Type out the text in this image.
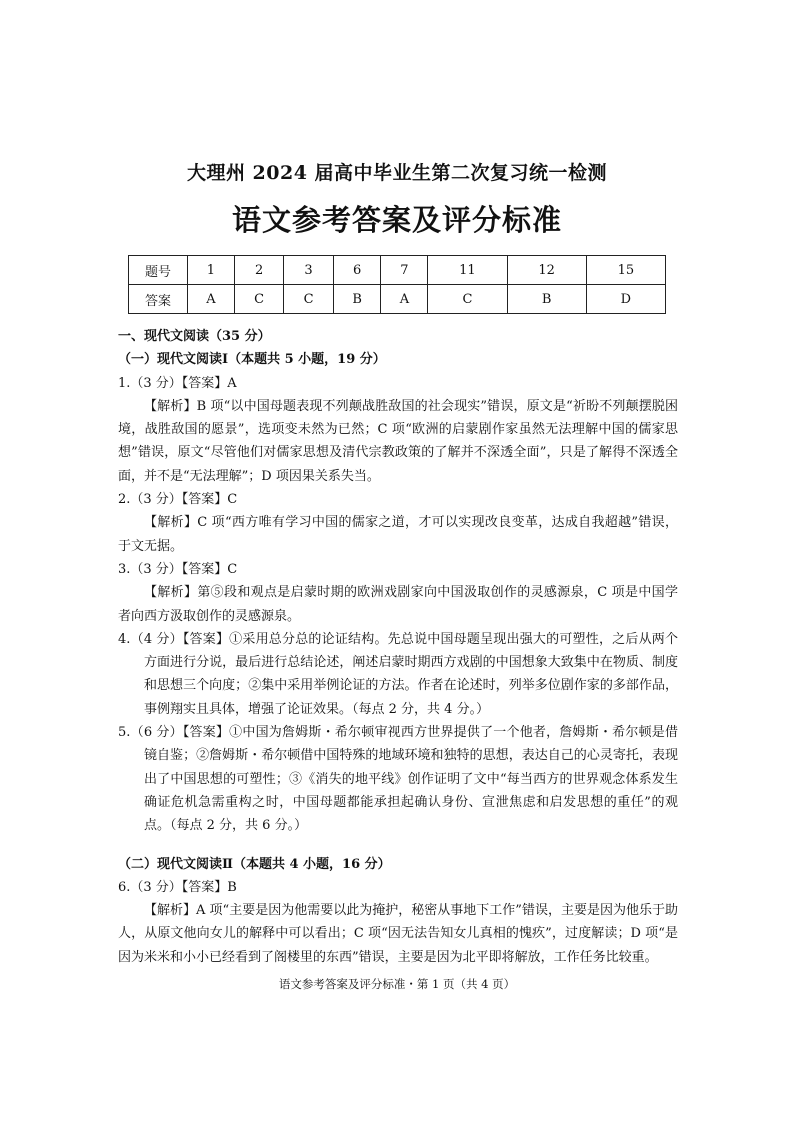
大理州 2024 届高中毕业生第二次复习统一检测
语文参考答案及评分标准
题号	1	2	3	6	7	11	12	15
答案	A	C	C	B	A	C	B	D

一、现代文阅读（35 分）

（一）现代文阅读Ⅰ（本题共 5 小题，19 分）

1.（3 分）【答案】A

【解析】B 项“以中国母题表现不列颠战胜敌国的社会现实”错误，原文是“祈盼不列颠摆脱困境，战胜敌国的愿景”，选项变未然为已然；C 项“欧洲的启蒙剧作家虽然无法理解中国的儒家思想”错误，原文“尽管他们对儒家思想及清代宗教政策的了解并不深透全面”，只是了解得不深透全面，并不是“无法理解”；D 项因果关系失当。

2.（3 分）【答案】C

【解析】C 项“西方唯有学习中国的儒家之道，才可以实现改良变革，达成自我超越”错误，于文无据。

3.（3 分）【答案】C

【解析】第⑤段和观点是启蒙时期的欧洲戏剧家向中国汲取创作的灵感源泉，C 项是中国学者向西方汲取创作的灵感源泉。

4.（4 分）【答案】①采用总分总的论证结构。先总说中国母题呈现出强大的可塑性，之后从两个方面进行分说，最后进行总结论述，阐述启蒙时期西方戏剧的中国想象大致集中在物质、制度和思想三个向度；②集中采用举例论证的方法。作者在论述时，列举多位剧作家的多部作品，事例翔实且具体，增强了论证效果。（每点 2 分，共 4 分。）

5.（6 分）【答案】①中国为詹姆斯・希尔顿审视西方世界提供了一个他者，詹姆斯・希尔顿是借镜自鉴；②詹姆斯・希尔顿借中国特殊的地域环境和独特的思想，表达自己的心灵寄托，表现出了中国思想的可塑性；③《消失的地平线》创作证明了文中“每当西方的世界观念体系发生确证危机急需重构之时，中国母题都能承担起确认身份、宣泄焦虑和启发思想的重任”的观点。（每点 2 分，共 6 分。）

（二）现代文阅读Ⅱ（本题共 4 小题，16 分）

6.（3 分）【答案】B

【解析】A 项“主要是因为他需要以此为掩护，秘密从事地下工作”错误，主要是因为他乐于助人，从原文他向女儿的解释中可以看出；C 项“因无法告知女儿真相的愧疚”，过度解读；D 项“是因为米米和小小已经看到了阁楼里的东西”错误，主要是因为北平即将解放，工作任务比较重。

语文参考答案及评分标准・第 1 页（共 4 页）
